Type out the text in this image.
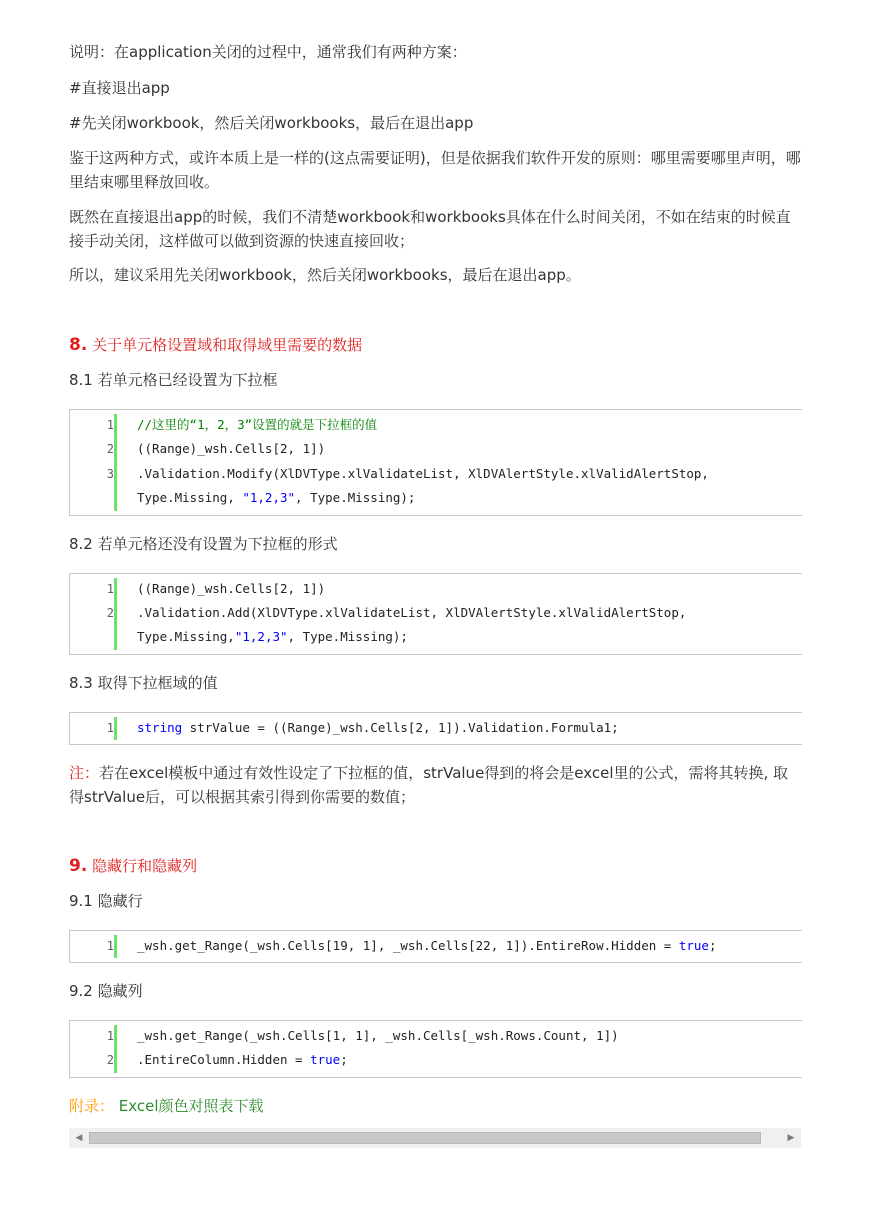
说明：在application关闭的过程中，通常我们有两种方案：
#直接退出app
#先关闭workbook，然后关闭workbooks，最后在退出app
鉴于这两种方式，或许本质上是一样的(这点需要证明)，但是依据我们软件开发的原则：哪里需要哪里声明，哪里结束哪里释放回收。
既然在直接退出app的时候，我们不清楚workbook和workbooks具体在什么时间关闭，不如在结束的时候直接手动关闭，这样做可以做到资源的快速直接回收；
所以，建议采用先关闭workbook，然后关闭workbooks，最后在退出app。
8. 关于单元格设置域和取得域里需要的数据
8.1 若单元格已经设置为下拉框
1
2
3
//这里的“1，2，3”设置的就是下拉框的值
((Range)_wsh.Cells[2, 1])
.Validation.Modify(XlDVType.xlValidateList, XlDVAlertStyle.xlValidAlertStop,
Type.Missing, "1,2,3", Type.Missing);
8.2 若单元格还没有设置为下拉框的形式
1
2
((Range)_wsh.Cells[2, 1])
.Validation.Add(XlDVType.xlValidateList, XlDVAlertStyle.xlValidAlertStop,
Type.Missing,"1,2,3", Type.Missing);
8.3 取得下拉框域的值
1 string strValue = ((Range)_wsh.Cells[2, 1]).Validation.Formula1;
注：若在excel模板中通过有效性设定了下拉框的值，strValue得到的将会是excel里的公式，需将其转换, 取得strValue后，可以根据其索引得到你需要的数值；
9. 隐藏行和隐藏列
9.1 隐藏行
1 _wsh.get_Range(_wsh.Cells[19, 1], _wsh.Cells[22, 1]).EntireRow.Hidden = true;
9.2 隐藏列
1
2
_wsh.get_Range(_wsh.Cells[1, 1], _wsh.Cells[_wsh.Rows.Count, 1])
.EntireColumn.Hidden = true;
附录： Excel颜色对照表下载
◀	▶
